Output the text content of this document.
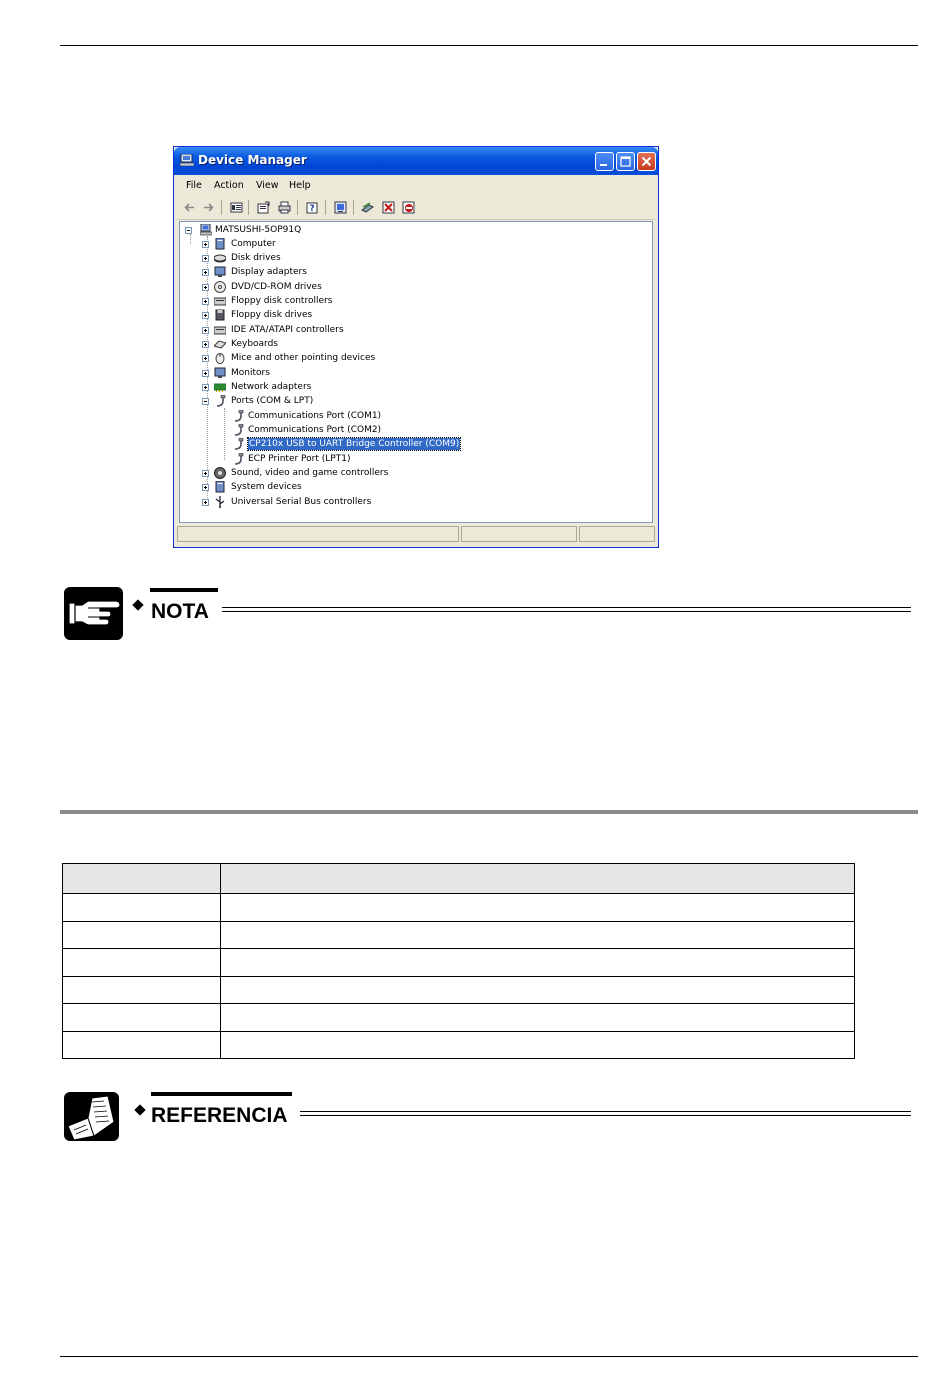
Device Manager
File Action View Help
?
MATSUSHI-5OP91Q
Computer
Disk drives
Display adapters
DVD/CD-ROM drives
Floppy disk controllers
Floppy disk drives
IDE ATA/ATAPI controllers
Keyboards
Mice and other pointing devices
Monitors
Network adapters
Ports (COM & LPT)
Communications Port (COM1)
Communications Port (COM2)
CP210x USB to UART Bridge Controller (COM9)
ECP Printer Port (LPT1)
Sound, video and game controllers
System devices
Universal Serial Bus controllers
NOTA

REFERENCIA
